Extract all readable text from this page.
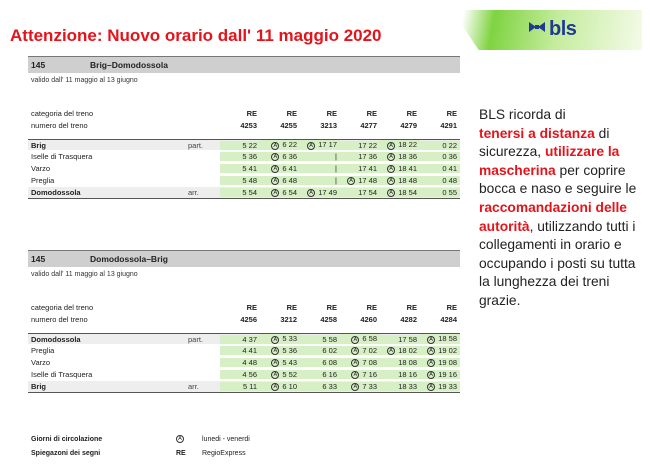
Attenzione: Nuovo orario dall' 11 maggio 2020	bls
145	Brig–Domodossola
valido dall' 11 maggio al 13 giugno
categoria del treno	RE	RE	RE	RE	RE	RE
numero del treno	4253	4255	3213	4277	4279	4291
Brig	part.	5 22	A 6 22	A 17 17	17 22	A 18 22	0 22
Iselle di Trasquera	5 36	A 6 36	|	17 36	A 18 36	0 36
Varzo	5 41	A 6 41	|	17 41	A 18 41	0 41
Preglia	5 48	A 6 48	|	A 17 48	A 18 48	0 48
Domodossola	arr.	5 54	A 6 54	A 17 49	17 54	A 18 54	0 55
145	Domodossola–Brig
valido dall' 11 maggio al 13 giugno
categoria del treno	RE	RE	RE	RE	RE	RE
numero del treno	4256	3212	4258	4260	4282	4284
Domodossola	part.	4 37	A 5 33	5 58	A 6 58	17 58	A 18 58
Preglia	4 41	A 5 36	6 02	A 7 02	A 18 02	A 19 02
Varzo	4 48	A 5 43	6 08	A 7 08	18 08	A 19 08
Iselle di Trasquera	4 56	A 5 52	6 16	A 7 16	18 16	A 19 16
Brig	arr.	5 11	A 6 10	6 33	A 7 33	18 33	A 19 33
Giorni di circolazione	A	lunedi - venerdi
Spiegazoni dei segni	RE	RegioExpress
BLS ricorda di
tenersi a distanza di sicurezza, utilizzare la mascherina per coprire bocca e naso e seguire le raccomandazioni delle autorità, utilizzando tutti i collegamenti in orario e occupando i posti su tutta la lunghezza dei treni grazie.
